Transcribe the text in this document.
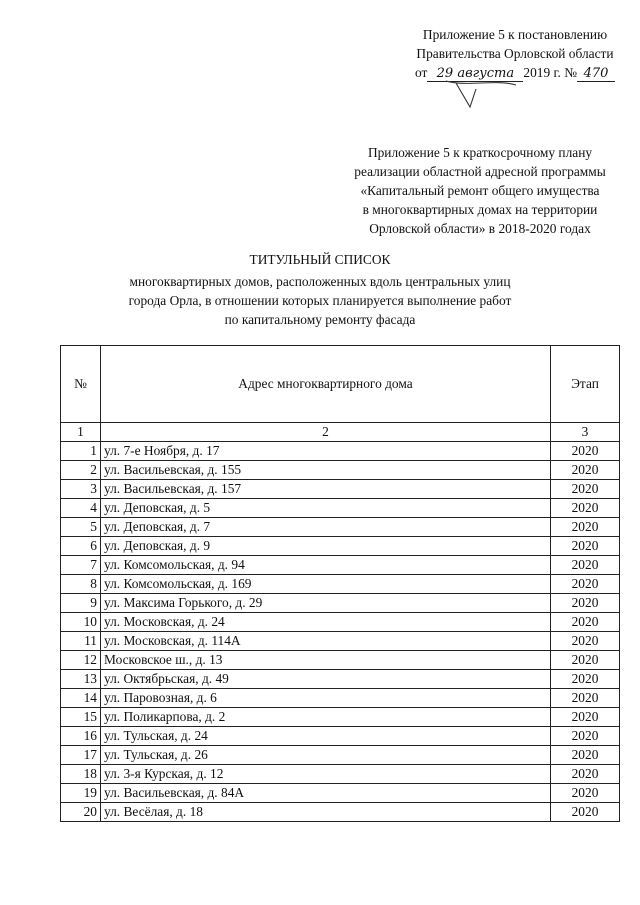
Приложение 5 к постановлению
Правительства Орловской области
от 29 августа 2019 г. № 470
Приложение 5 к краткосрочному плану
реализации областной адресной программы
«Капитальный ремонт общего имущества
в многоквартирных домах на территории
Орловской области» в 2018-2020 годах
ТИТУЛЬНЫЙ СПИСОК
многоквартирных домов, расположенных вдоль центральных улиц
города Орла, в отношении которых планируется выполнение работ
по капитальному ремонту фасада
№	Адрес многоквартирного дома	Этап
1	2	3
1	ул. 7-е Ноября, д. 17	2020
2	ул. Васильевская, д. 155	2020
3	ул. Васильевская, д. 157	2020
4	ул. Деповская, д. 5	2020
5	ул. Деповская, д. 7	2020
6	ул. Деповская, д. 9	2020
7	ул. Комсомольская, д. 94	2020
8	ул. Комсомольская, д. 169	2020
9	ул. Максима Горького, д. 29	2020
10	ул. Московская, д. 24	2020
11	ул. Московская, д. 114А	2020
12	Московское ш., д. 13	2020
13	ул. Октябрьская, д. 49	2020
14	ул. Паровозная, д. 6	2020
15	ул. Поликарпова, д. 2	2020
16	ул. Тульская, д. 24	2020
17	ул. Тульская, д. 26	2020
18	ул. 3-я Курская, д. 12	2020
19	ул. Васильевская, д. 84А	2020
20	ул. Весёлая, д. 18	2020
